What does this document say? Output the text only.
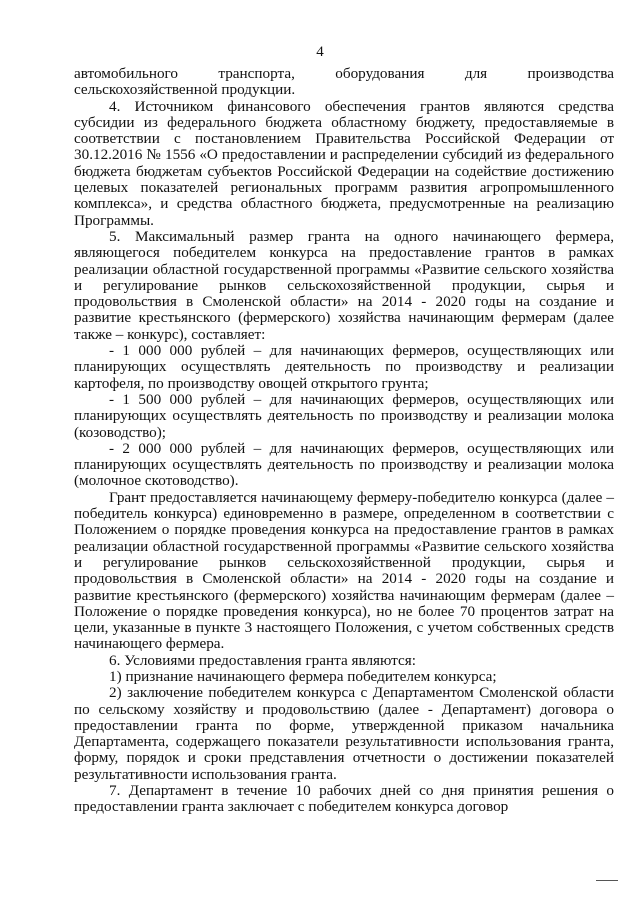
4

автомобильного транспорта, оборудования для производства сельскохозяйственной продукции.

4. Источником финансового обеспечения грантов являются средства субсидии из федерального бюджета областному бюджету, предоставляемые в соответствии с постановлением Правительства Российской Федерации от 30.12.2016 № 1556 «О предоставлении и распределении субсидий из федерального бюджета бюджетам субъектов Российской Федерации на содействие достижению целевых показателей региональных программ развития агропромышленного комплекса», и средства областного бюджета, предусмотренные на реализацию Программы.

5. Максимальный размер гранта на одного начинающего фермера, являющегося победителем конкурса на предоставление грантов в рамках реализации областной государственной программы «Развитие сельского хозяйства и регулирование рынков сельскохозяйственной продукции, сырья и продовольствия в Смоленской области» на 2014 - 2020 годы на создание и развитие крестьянского (фермерского) хозяйства начинающим фермерам (далее также – конкурс), составляет:

- 1 000 000 рублей – для начинающих фермеров, осуществляющих или планирующих осуществлять деятельность по производству и реализации картофеля, по производству овощей открытого грунта;

- 1 500 000 рублей – для начинающих фермеров, осуществляющих или планирующих осуществлять деятельность по производству и реализации молока (козоводство);

- 2 000 000 рублей – для начинающих фермеров, осуществляющих или планирующих осуществлять деятельность по производству и реализации молока (молочное скотоводство).

Грант предоставляется начинающему фермеру-победителю конкурса (далее – победитель конкурса) единовременно в размере, определенном в соответствии с Положением о порядке проведения конкурса на предоставление грантов в рамках реализации областной государственной программы «Развитие сельского хозяйства и регулирование рынков сельскохозяйственной продукции, сырья и продовольствия в Смоленской области» на 2014 - 2020 годы на создание и развитие крестьянского (фермерского) хозяйства начинающим фермерам (далее – Положение о порядке проведения конкурса), но не более 70 процентов затрат на цели, указанные в пункте 3 настоящего Положения, с учетом собственных средств начинающего фермера.

6. Условиями предоставления гранта являются:

1) признание начинающего фермера победителем конкурса;

2) заключение победителем конкурса с Департаментом Смоленской области по сельскому хозяйству и продовольствию (далее - Департамент) договора о предоставлении гранта по форме, утвержденной приказом начальника Департамента, содержащего показатели результативности использования гранта, форму, порядок и сроки представления отчетности о достижении показателей результативности использования гранта.

7. Департамент в течение 10 рабочих дней со дня принятия решения о предоставлении гранта заключает с победителем конкурса договор
